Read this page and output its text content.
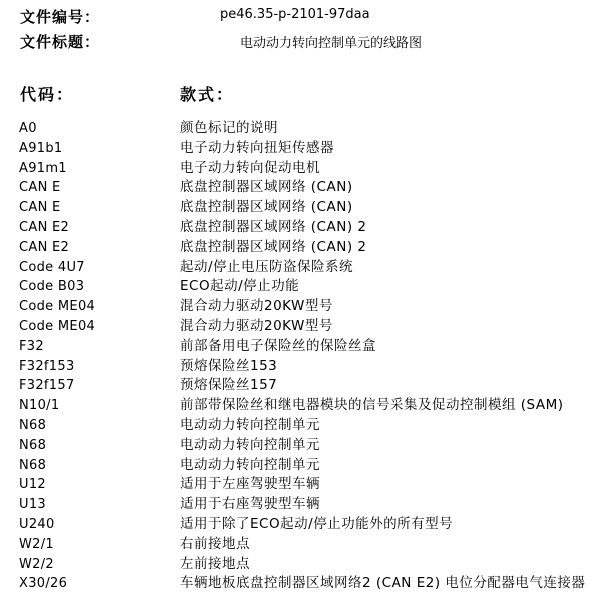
文件编号：	pe46.35-p-2101-97daa
文件标题：	电动动力转向控制单元的线路图
代码：	款式：
A0	颜色标记的说明
A91b1	电子动力转向扭矩传感器
A91m1	电子动力转向促动电机
CAN E	底盘控制器区域网络 (CAN)
CAN E	底盘控制器区域网络 (CAN)
CAN E2	底盘控制器区域网络 (CAN) 2
CAN E2	底盘控制器区域网络 (CAN) 2
Code 4U7	起动/停止电压防盗保险系统
Code B03	ECO起动/停止功能
Code ME04	混合动力驱动20KW型号
Code ME04	混合动力驱动20KW型号
F32	前部备用电子保险丝的保险丝盒
F32f153	预熔保险丝153
F32f157	预熔保险丝157
N10/1	前部带保险丝和继电器模块的信号采集及促动控制模组 (SAM)
N68	电动动力转向控制单元
N68	电动动力转向控制单元
N68	电动动力转向控制单元
U12	适用于左座驾驶型车辆
U13	适用于右座驾驶型车辆
U240	适用于除了ECO起动/停止功能外的所有型号
W2/1	右前接地点
W2/2	左前接地点
X30/26	车辆地板底盘控制器区域网络2 (CAN E2) 电位分配器电气连接器
